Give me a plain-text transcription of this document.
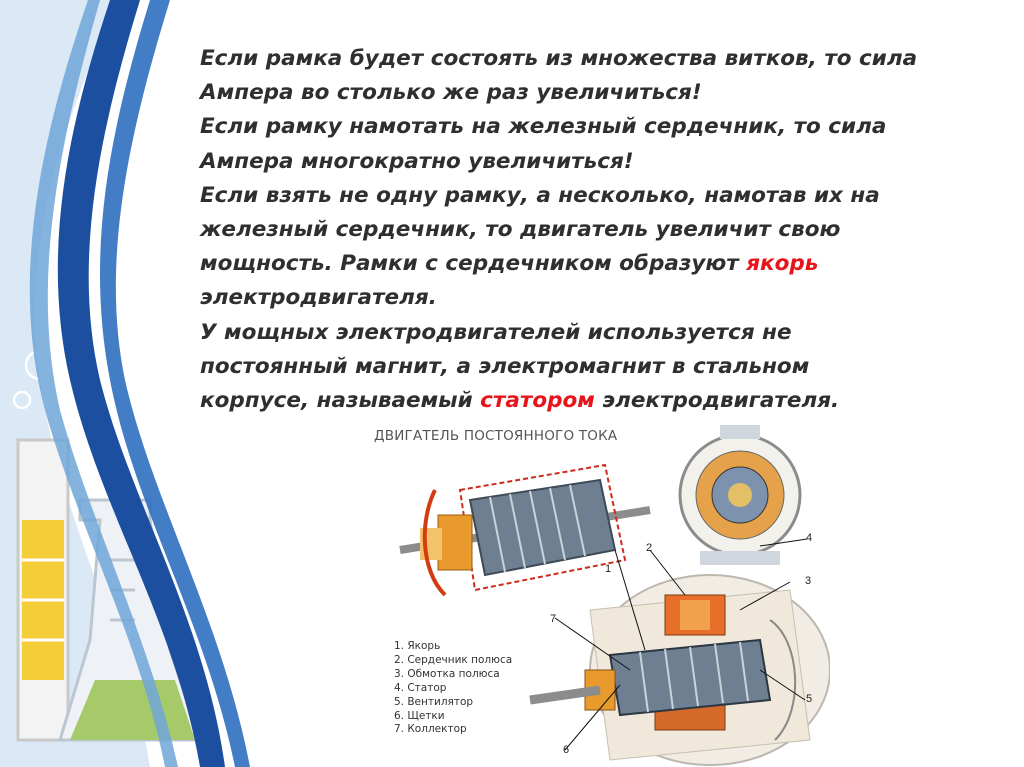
Если рамка будет состоять из множества витков, то сила Ампера во столько же раз увеличиться!

Если рамку намотать на железный сердечник, то сила Ампера многократно увеличиться!

Если взять не одну рамку, а несколько, намотав их на железный сердечник, то двигатель увеличит свою мощность. Рамки с сердечником образуют якорь электродвигателя.

У мощных электродвигателей используется не постоянный магнит, а электромагнит в стальном корпусе, называемый статором электродвигателя.

ДВИГАТЕЛЬ ПОСТОЯННОГО ТОКА
1
2
3
4
5
6
7
1. Якорь
2. Сердечник полюса
3. Обмотка полюса
4. Статор
5. Вентилятор
6. Щетки
7. Коллектор
